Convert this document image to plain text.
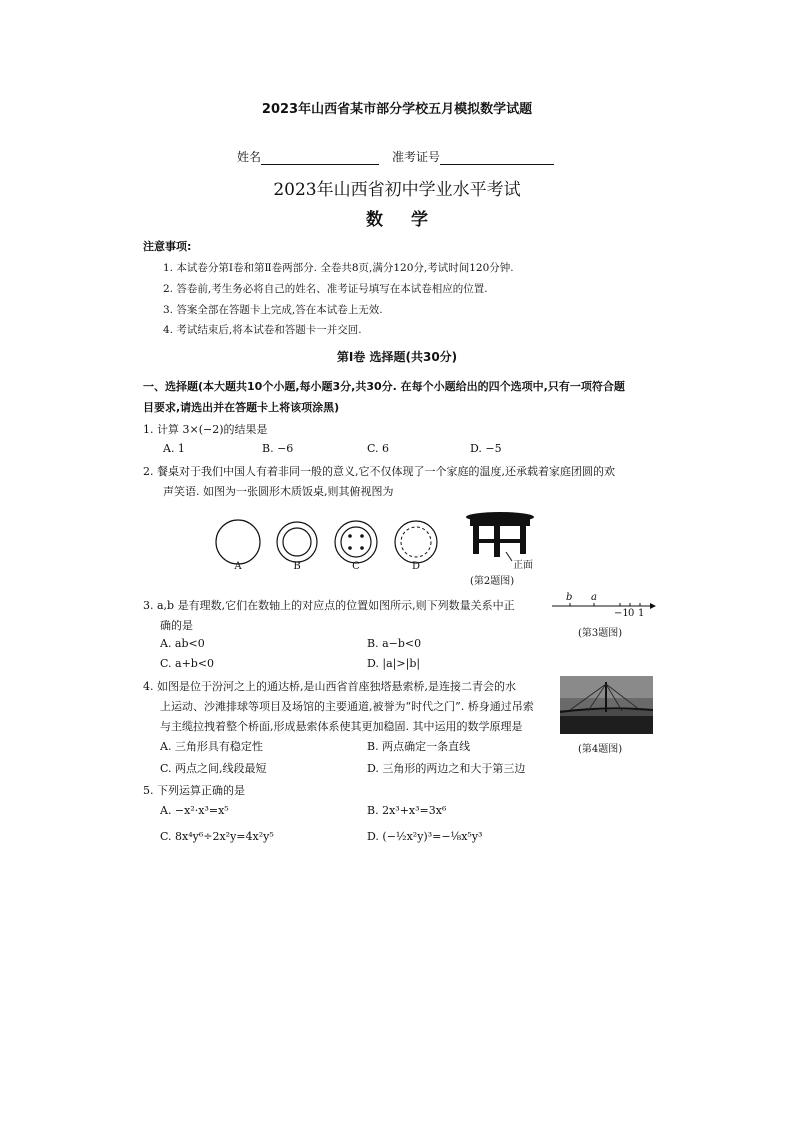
2023年山西省某市部分学校五月模拟数学试题
姓名	准考证号
2023年山西省初中学业水平考试
数学
注意事项:
1. 本试卷分第Ⅰ卷和第Ⅱ卷两部分. 全卷共8页,满分120分,考试时间120分钟.
2. 答卷前,考生务必将自己的姓名、准考证号填写在本试卷相应的位置.
3. 答案全部在答题卡上完成,答在本试卷上无效.
4. 考试结束后,将本试卷和答题卡一并交回.
第Ⅰ卷 选择题(共30分)
一、选择题(本大题共10个小题,每小题3分,共30分. 在每个小题给出的四个选项中,只有一项符合题
目要求,请选出并在答题卡上将该项涂黑)
1. 计算 3×(−2)的结果是
A. 1	B. −6	C. 6	D. −5
2. 餐桌对于我们中国人有着非同一般的意义,它不仅体现了一个家庭的温度,还承载着家庭团圆的欢
声笑语. 如图为一张圆形木质饭桌,则其俯视图为
A	B	C	D	正面
(第2题图)
3. a,b 是有理数,它们在数轴上的对应点的位置如图所示,则下列数量关系中正
确的是
A. ab<0	B. a−b<0
C. a+b<0	D. |a|>|b|
b a
−1 0 1
(第3题图)
4. 如图是位于汾河之上的通达桥,是山西省首座独塔悬索桥,是连接二青会的水
上运动、沙滩排球等项目及场馆的主要通道,被誉为“时代之门”. 桥身通过吊索
与主缆拉拽着整个桥面,形成悬索体系使其更加稳固. 其中运用的数学原理是
A. 三角形具有稳定性	B. 两点确定一条直线
C. 两点之间,线段最短	D. 三角形的两边之和大于第三边
(第4题图)
5. 下列运算正确的是
A. −x²·x³=x⁵	B. 2x³+x³=3x⁶
C. 8x⁴y⁶÷2x²y=4x²y⁵	D. (−½x²y)³=−⅛x⁵y³
